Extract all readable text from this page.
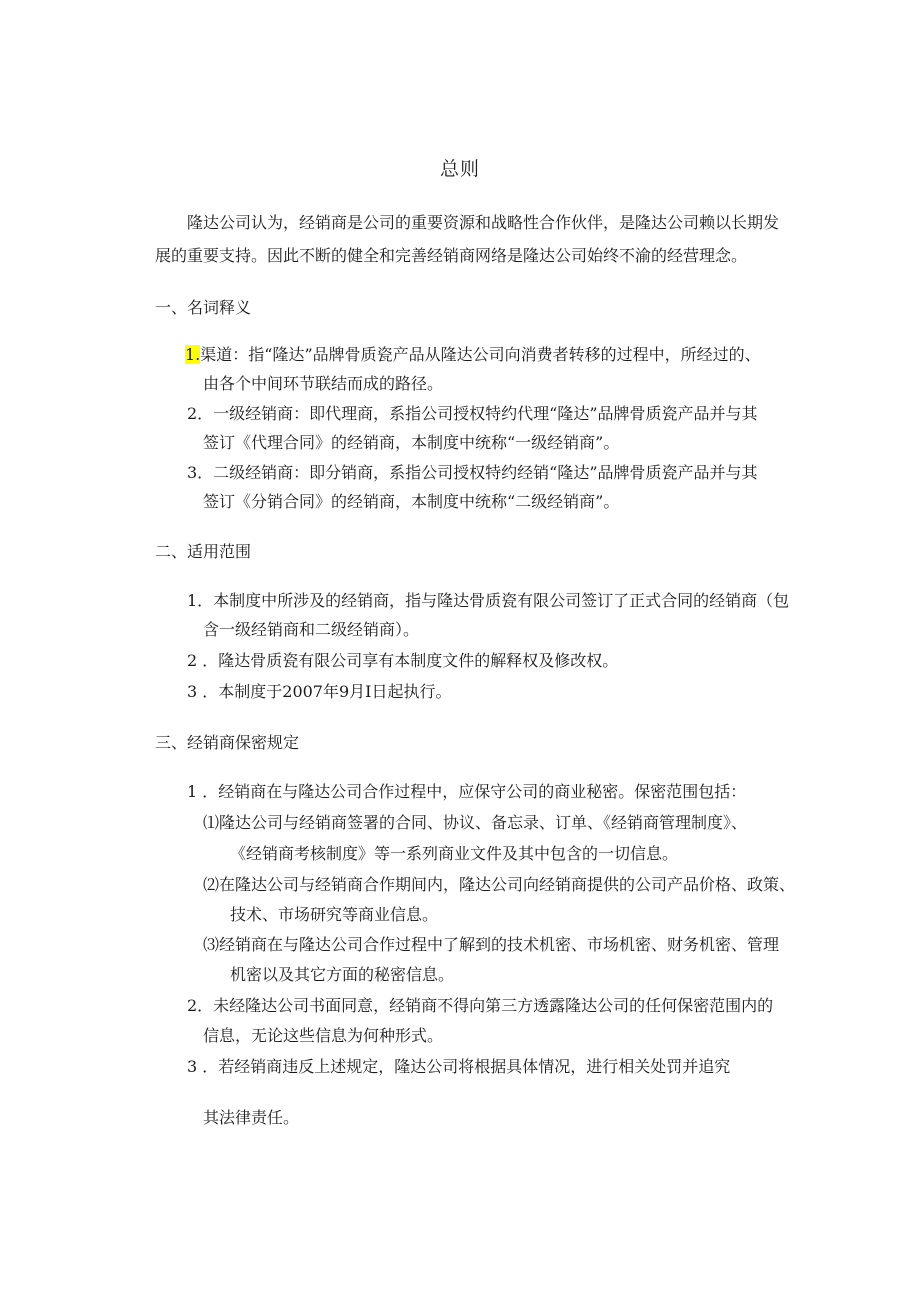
总则
隆达公司认为，经销商是公司的重要资源和战略性合作伙伴，是隆达公司赖以长期发
展的重要支持。因此不断的健全和完善经销商网络是隆达公司始终不渝的经营理念。
一、名词释义
1.渠道：指“隆达”品牌骨质瓷产品从隆达公司向消费者转移的过程中，所经过的、
由各个中间环节联结而成的路径。
2．一级经销商：即代理商，系指公司授权特约代理“隆达”品牌骨质瓷产品并与其
签订《代理合同》的经销商，本制度中统称“一级经销商”。
3．二级经销商：即分销商，系指公司授权特约经销“隆达”品牌骨质瓷产品并与其
签订《分销合同》的经销商，本制度中统称“二级经销商”。
二、适用范围
1．本制度中所涉及的经销商，指与隆达骨质瓷有限公司签订了正式合同的经销商（包
含一级经销商和二级经销商）。
2 ．隆达骨质瓷有限公司享有本制度文件的解释权及修改权。
3 ．本制度于2007年9月I日起执行。
三、经销商保密规定
1 ．经销商在与隆达公司合作过程中，应保守公司的商业秘密。保密范围包括：
⑴隆达公司与经销商签署的合同、协议、备忘录、订单、《经销商管理制度》、
《经销商考核制度》等一系列商业文件及其中包含的一切信息。
⑵在隆达公司与经销商合作期间内，隆达公司向经销商提供的公司产品价格、政策、
技术、市场研究等商业信息。
⑶经销商在与隆达公司合作过程中了解到的技术机密、市场机密、财务机密、管理
机密以及其它方面的秘密信息。
2．未经隆达公司书面同意，经销商不得向第三方透露隆达公司的任何保密范围内的
信息，无论这些信息为何种形式。
3 ．若经销商违反上述规定，隆达公司将根据具体情况，进行相关处罚并追究
其法律责任。
